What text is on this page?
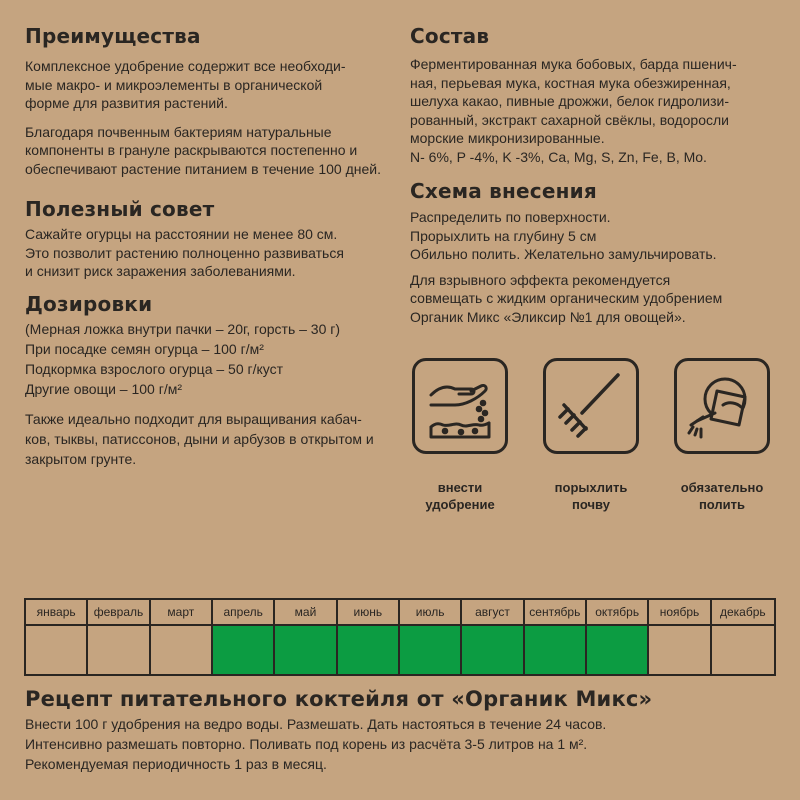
Преимущества

Комплексное удобрение содержит все необходи-

мые макро- и микроэлементы в органической

форме для развития растений.

Благодаря почвенным бактериям натуральные

компоненты в грануле раскрываются постепенно и

обеспечивают растение питанием в течение 100 дней.

Полезный совет

Сажайте огурцы на расстоянии не менее 80 см.

Это позволит растению полноценно развиваться

и снизит риск заражения заболеваниями.

Дозировки

(Мерная ложка внутри пачки – 20г, горсть – 30 г)

При посадке семян огурца – 100 г/м²

Подкормка взрослого огурца – 50 г/куст

Другие овощи – 100 г/м²

Также идеально подходит для выращивания кабач-

ков, тыквы, патиссонов, дыни и арбузов в открытом и

закрытом грунте.

Состав

Ферментированная мука бобовых, барда пшенич-

ная, перьевая мука, костная мука обезжиренная,

шелуха какао, пивные дрожжи, белок гидролизи-

рованный, экстракт сахарной свёклы, водоросли

морские микронизированные.

N- 6%, P -4%, K -3%, Ca, Mg, S, Zn, Fe, B, Mo.

Схема внесения

Распределить по поверхности.

Прорыхлить на глубину 5 см

Обильно полить. Желательно замульчировать.

Для взрывного эффекта рекомендуется

совмещать с жидким органическим удобрением

Органик Микс «Эликсир №1 для овощей».

внести
удобрение
порыхлить
почву
обязательно
полить
январь	февраль	март	апрель	май	июнь	июль	август	сентябрь	октябрь	ноябрь	декабрь
Рецепт питательного коктейля от «Органик Микс»

Внести 100 г удобрения на ведро воды. Размешать. Дать настояться в течение 24 часов.

Интенсивно размешать повторно. Поливать под корень из расчёта 3-5 литров на 1 м².

Рекомендуемая периодичность 1 раз в месяц.
